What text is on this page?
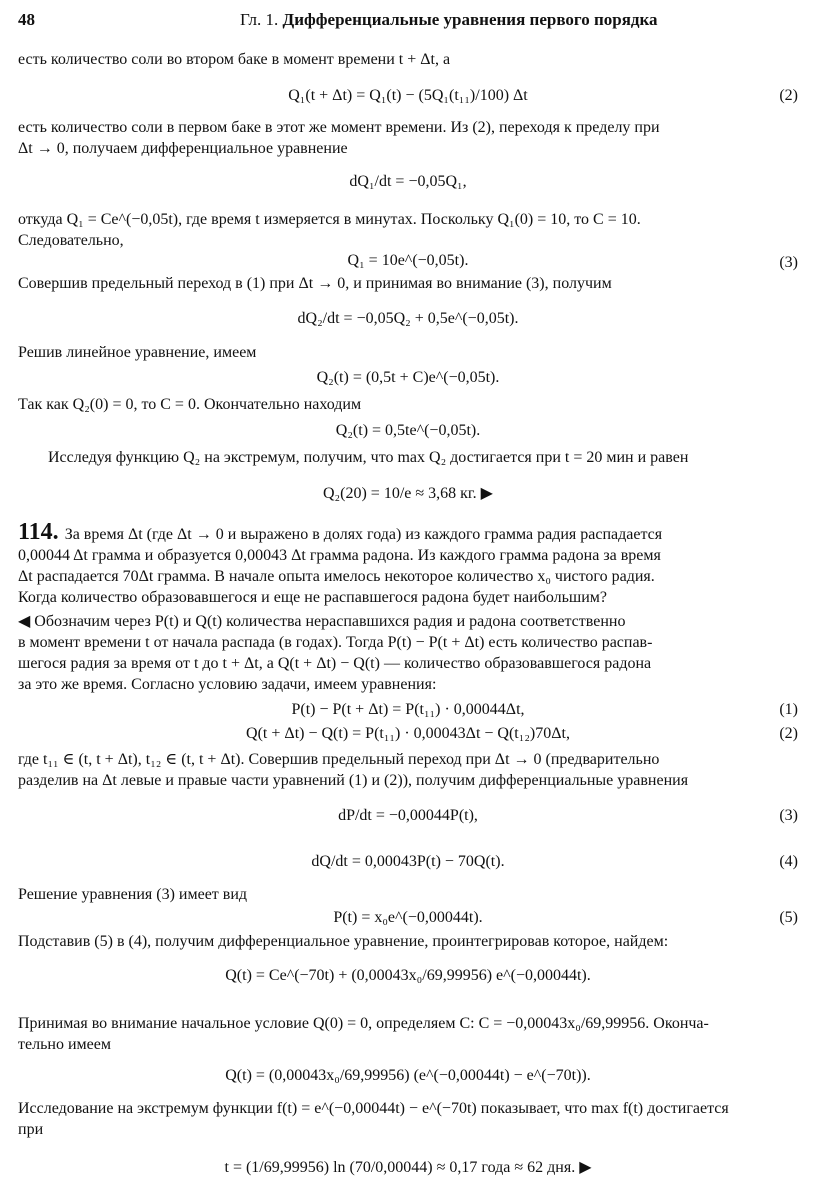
48	Гл. 1. Дифференциальные уравнения первого порядка
есть количество соли во втором баке в момент времени t + Δt, а
Q₁(t + Δt) = Q₁(t) − (5Q₁(t₁₁)/100) Δt	(2)
есть количество соли в первом баке в этот же момент времени. Из (2), переходя к пределу при
Δt → 0, получаем дифференциальное уравнение
dQ₁/dt = −0,05Q₁,
откуда Q₁ = Ce^(−0,05t), где время t измеряется в минутах. Поскольку Q₁(0) = 10, то C = 10.
Следовательно,
Q₁ = 10e^(−0,05t).	(3)
Совершив предельный переход в (1) при Δt → 0, и принимая во внимание (3), получим
dQ₂/dt = −0,05Q₂ + 0,5e^(−0,05t).
Решив линейное уравнение, имеем
Q₂(t) = (0,5t + C)e^(−0,05t).
Так как Q₂(0) = 0, то C = 0. Окончательно находим
Q₂(t) = 0,5te^(−0,05t).
Исследуя функцию Q₂ на экстремум, получим, что max Q₂ достигается при t = 20 мин и равен
Q₂(20) = 10/e ≈ 3,68 кг. ▶
114. За время Δt (где Δt → 0 и выражено в долях года) из каждого грамма радия распадается
0,00044 Δt грамма и образуется 0,00043 Δt грамма радона. Из каждого грамма радона за время
Δt распадается 70Δt грамма. В начале опыта имелось некоторое количество x₀ чистого радия.
Когда количество образовавшегося и еще не распавшегося радона будет наибольшим?
◀ Обозначим через P(t) и Q(t) количества нераспавшихся радия и радона соответственно
в момент времени t от начала распада (в годах). Тогда P(t) − P(t + Δt) есть количество распав-
шегося радия за время от t до t + Δt, а Q(t + Δt) − Q(t) — количество образовавшегося радона
за это же время. Согласно условию задачи, имеем уравнения:
P(t) − P(t + Δt) = P(t₁₁) · 0,00044Δt,	(1)
Q(t + Δt) − Q(t) = P(t₁₁) · 0,00043Δt − Q(t₁₂)70Δt,	(2)
где t₁₁ ∈ (t, t + Δt), t₁₂ ∈ (t, t + Δt). Совершив предельный переход при Δt → 0 (предварительно
разделив на Δt левые и правые части уравнений (1) и (2)), получим дифференциальные уравнения
dP/dt = −0,00044P(t),	(3)
dQ/dt = 0,00043P(t) − 70Q(t).	(4)
Решение уравнения (3) имеет вид
P(t) = x₀e^(−0,00044t).	(5)
Подставив (5) в (4), получим дифференциальное уравнение, проинтегрировав которое, найдем:
Q(t) = Ce^(−70t) + (0,00043x₀/69,99956) e^(−0,00044t).
Принимая во внимание начальное условие Q(0) = 0, определяем C: C = −0,00043x₀/69,99956. Оконча-
тельно имеем
Q(t) = (0,00043x₀/69,99956) (e^(−0,00044t) − e^(−70t)).
Исследование на экстремум функции f(t) = e^(−0,00044t) − e^(−70t) показывает, что max f(t) достигается
при
t = (1/69,99956) ln (70/0,00044) ≈ 0,17 года ≈ 62 дня. ▶
